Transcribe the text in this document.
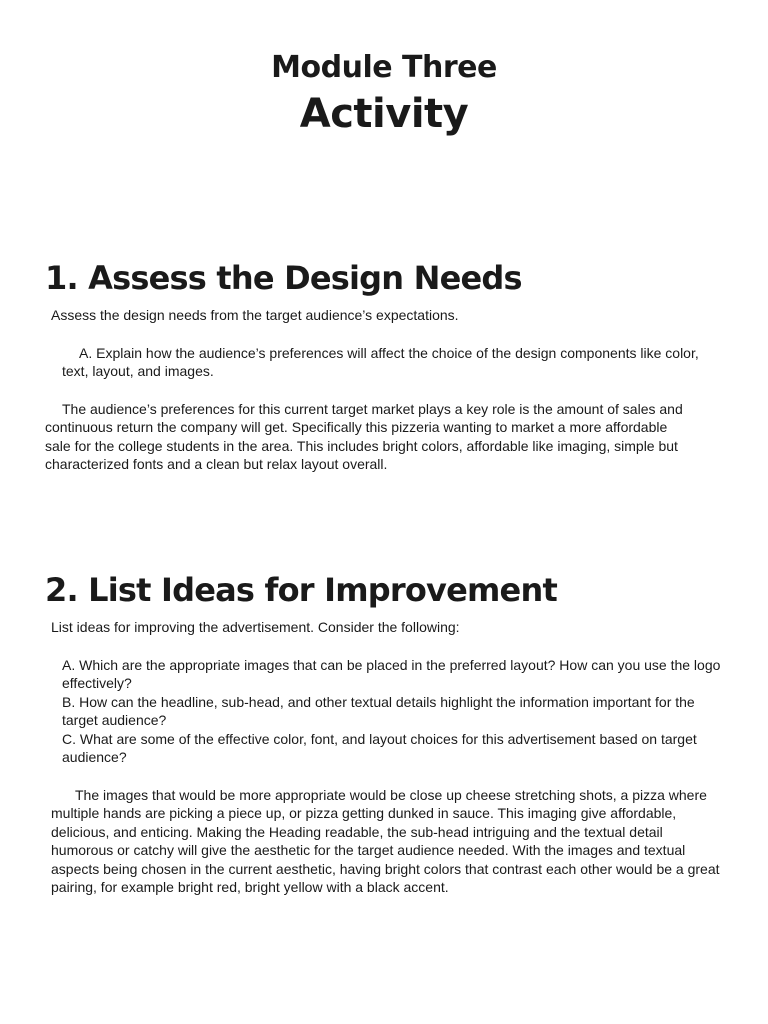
Module Three
Activity
1. Assess the Design Needs

Assess the design needs from the target audience’s expectations.

A. Explain how the audience’s preferences will affect the choice of the design components like color, text, layout, and images.

The audience’s preferences for this current target market plays a key role is the amount of sales and continuous return the company will get. Specifically this pizzeria wanting to market a more affordable sale for the college students in the area. This includes bright colors, affordable like imaging, simple but characterized fonts and a clean but relax layout overall.

2. List Ideas for Improvement

List ideas for improving the advertisement. Consider the following:

A. Which are the appropriate images that can be placed in the preferred layout? How can you use the logo effectively?

B. How can the headline, sub-head, and other textual details highlight the information important for the target audience?

C. What are some of the effective color, font, and layout choices for this advertisement based on target audience?

The images that would be more appropriate would be close up cheese stretching shots, a pizza where multiple hands are picking a piece up, or pizza getting dunked in sauce. This imaging give affordable, delicious, and enticing. Making the Heading readable, the sub-head intriguing and the textual detail humorous or catchy will give the aesthetic for the target audience needed. With the images and textual aspects being chosen in the current aesthetic, having bright colors that contrast each other would be a great pairing, for example bright red, bright yellow with a black accent.
